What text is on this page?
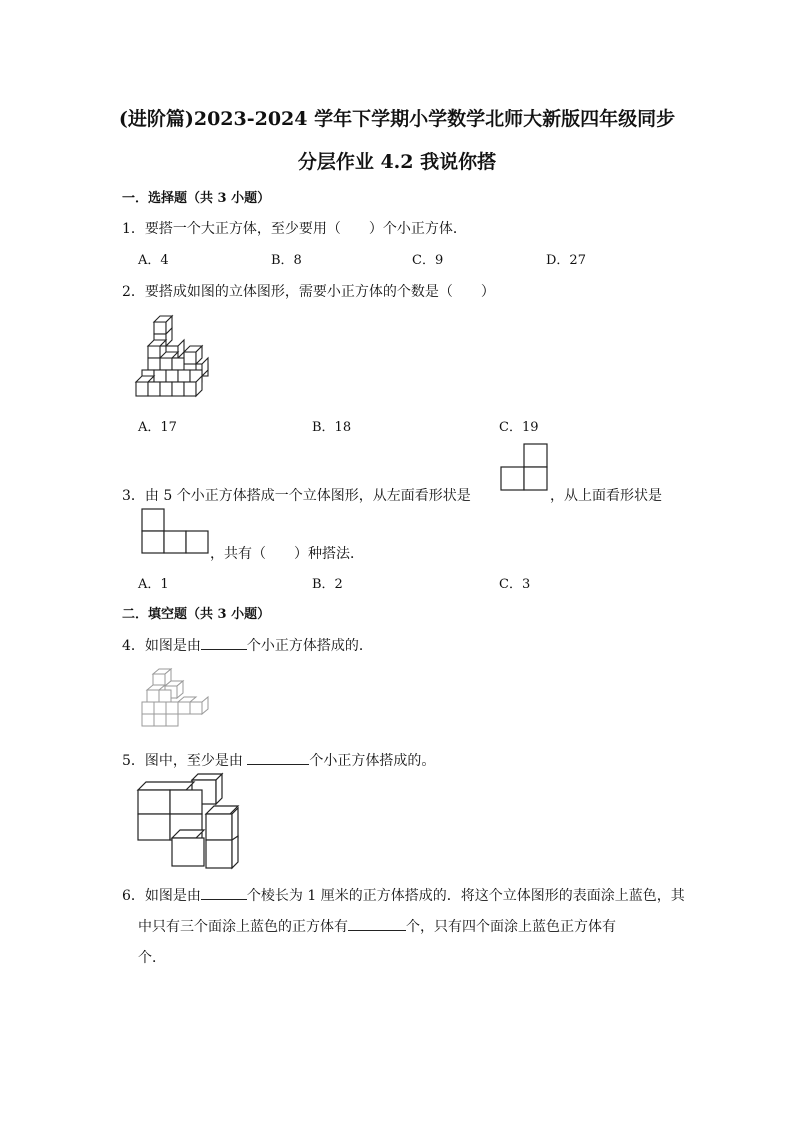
(进阶篇)2023-2024 学年下学期小学数学北师大新版四年级同步
分层作业 4.2 我说你搭
一．选择题（共 3 小题）
1．要搭一个大正方体，至少要用（　　）个小正方体．
A．4	B．8	C．9	D．27
2．要搭成如图的立体图形，需要小正方体的个数是（　　）
A．17	B．18	C．19
3．由 5 个小正方体搭成一个立体图形，从左面看形状是	，从上面看形状是
，共有（　　）种搭法．
A．1	B．2	C．3
二．填空题（共 3 小题）
4．如图是由	个小正方体搭成的．
5．图中，至少是由	个小正方体搭成的。
6．如图是由	个棱长为 1 厘米的正方体搭成的．将这个立体图形的表面涂上蓝色，其
中只有三个面涂上蓝色的正方体有	个，只有四个面涂上蓝色正方体有
个．
